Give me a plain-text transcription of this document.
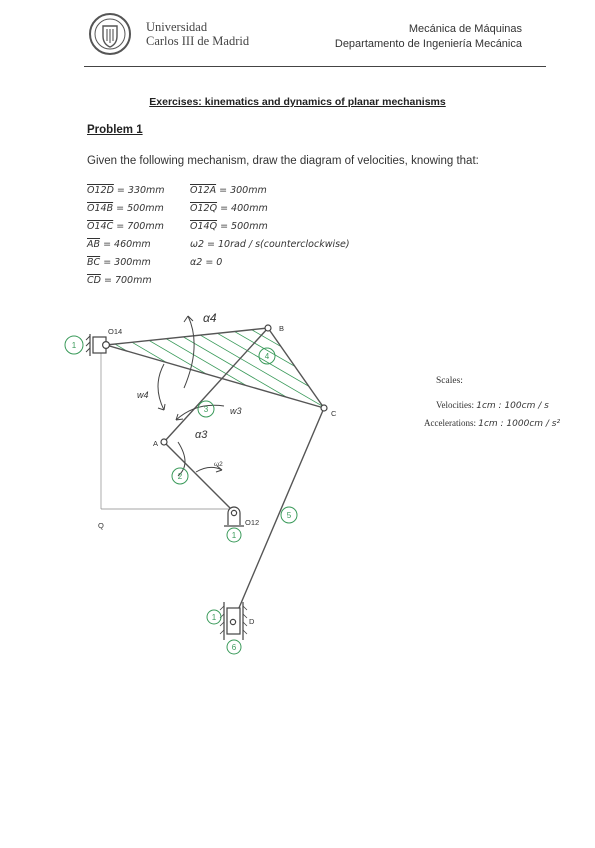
Universidad
Carlos III de Madrid
Mecánica de Máquinas
Departamento de Ingeniería Mecánica
Exercises: kinematics and dynamics of planar mechanisms
Problem 1
Given the following mechanism, draw the diagram of velocities, knowing that:
O12D = 330mm
O14B = 500mm
O14C = 700mm
$\overline{AB} = 460mm$
$\overline{BC} = 300mm$
$\overline{CD} = 700mm$
O12A = 300mm
O12Q = 400mm
O14Q = 500mm
ω2 = 10rad / s(counterclockwise)
α2 = 0
O14	B
C
A
D
Q	O12
ω2
α4
w4
w3
α3
1
4
3
2
1
5
1
6
Scales:
Velocities: 1cm : 100cm / s
Accelerations: 1cm : 1000cm / s²
